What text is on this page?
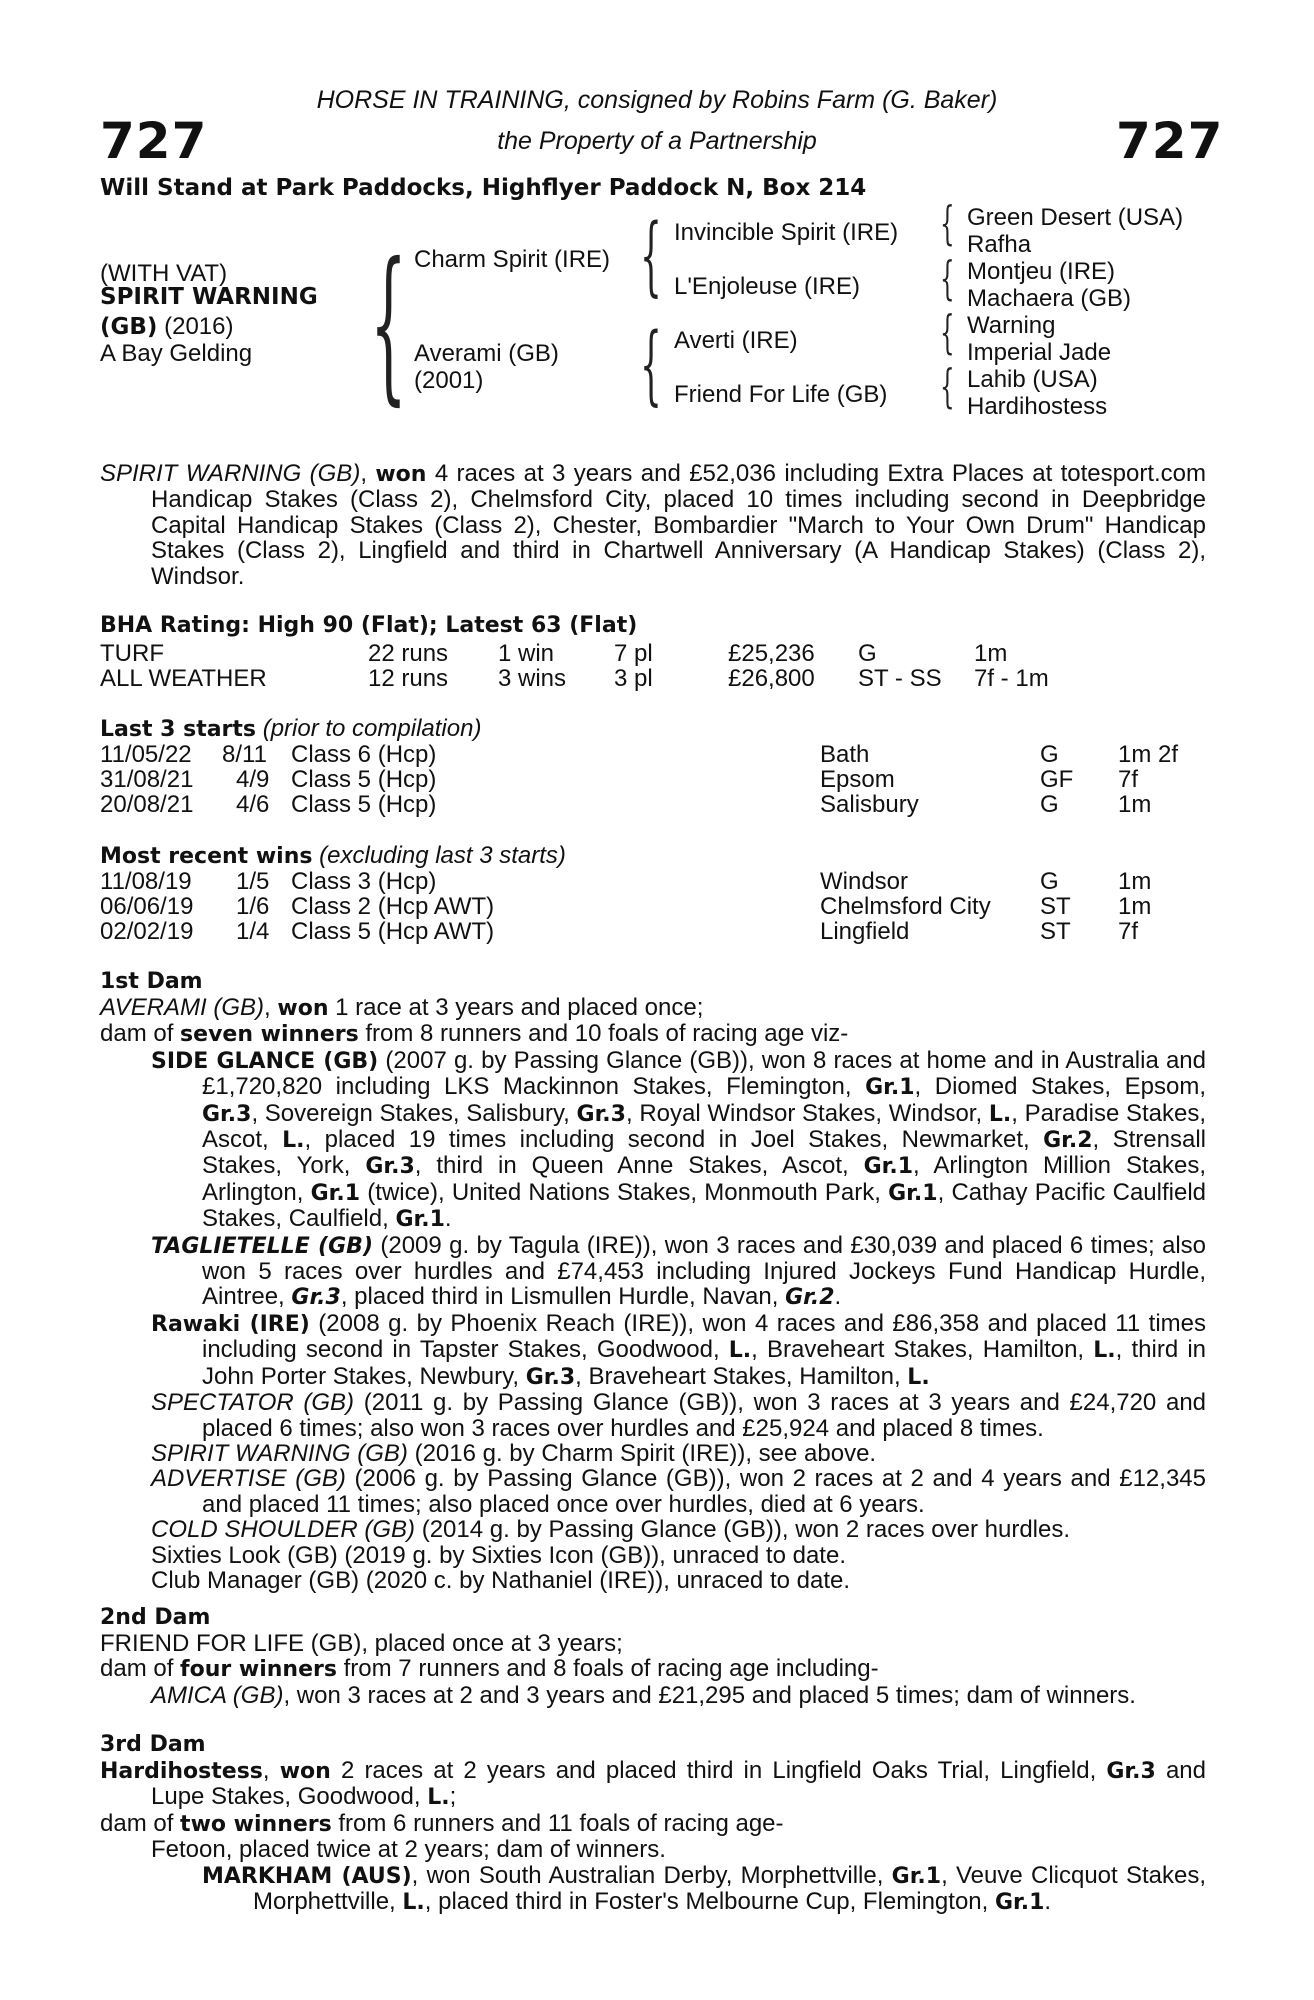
727	727
HORSE IN TRAINING, consigned by Robins Farm (G. Baker)
the Property of a Partnership
Will Stand at Park Paddocks, Highflyer Paddock N, Box 214
(WITH VAT)
SPIRIT WARNING
(GB) (2016)
A Bay Gelding { Charm Spirit (IRE)
Averami (GB)
(2001)
{
{
Invincible Spirit (IRE)
L'Enjoleuse (IRE)
Averti (IRE)
Friend For Life (GB)
{
{
{
{
Green Desert (USA)
Rafha
Montjeu (IRE)
Machaera (GB)
Warning
Imperial Jade
Lahib (USA)
Hardihostess

SPIRIT WARNING (GB), won 4 races at 3 years and £52,036 including Extra Places at totesport.com Handicap Stakes (Class 2), Chelmsford City, placed 10 times including second in Deepbridge Capital Handicap Stakes (Class 2), Chester, Bombardier "March to Your Own Drum" Handicap Stakes (Class 2), Lingfield and third in Chartwell Anniversary (A Handicap Stakes) (Class 2), Windsor.

BHA Rating: High 90 (Flat); Latest 63 (Flat)
TURF	22 runs 1 win 7 pl	£25,236 G	1m
ALL WEATHER	12 runs 3 wins 3 pl	£26,800 ST - SS 7f - 1m
Last 3 starts (prior to compilation)
11/05/22 8/11 Class 6 (Hcp)	Bath	G 1m 2f
31/08/21 4/9 Class 5 (Hcp)	Epsom	GF 7f
20/08/21 4/6 Class 5 (Hcp)	Salisbury	G 1m
Most recent wins (excluding last 3 starts)
11/08/19 1/5 Class 3 (Hcp)	Windsor	G 1m
06/06/19 1/6 Class 2 (Hcp AWT)	Chelmsford City ST 1m
02/02/19 1/4 Class 5 (Hcp AWT)	Lingfield	ST 7f
1st Dam

AVERAMI (GB), won 1 race at 3 years and placed once;

dam of seven winners from 8 runners and 10 foals of racing age viz-

SIDE GLANCE (GB) (2007 g. by Passing Glance (GB)), won 8 races at home and in Australia and £1,720,820 including LKS Mackinnon Stakes, Flemington, Gr.1, Diomed Stakes, Epsom, Gr.3, Sovereign Stakes, Salisbury, Gr.3, Royal Windsor Stakes, Windsor, L., Paradise Stakes, Ascot, L., placed 19 times including second in Joel Stakes, Newmarket, Gr.2, Strensall Stakes, York, Gr.3, third in Queen Anne Stakes, Ascot, Gr.1, Arlington Million Stakes, Arlington, Gr.1 (twice), United Nations Stakes, Monmouth Park, Gr.1, Cathay Pacific Caulfield Stakes, Caulfield, Gr.1.

TAGLIETELLE (GB) (2009 g. by Tagula (IRE)), won 3 races and £30,039 and placed 6 times; also won 5 races over hurdles and £74,453 including Injured Jockeys Fund Handicap Hurdle, Aintree, Gr.3, placed third in Lismullen Hurdle, Navan, Gr.2.

Rawaki (IRE) (2008 g. by Phoenix Reach (IRE)), won 4 races and £86,358 and placed 11 times including second in Tapster Stakes, Goodwood, L., Braveheart Stakes, Hamilton, L., third in John Porter Stakes, Newbury, Gr.3, Braveheart Stakes, Hamilton, L.

SPECTATOR (GB) (2011 g. by Passing Glance (GB)), won 3 races at 3 years and £24,720 and placed 6 times; also won 3 races over hurdles and £25,924 and placed 8 times.

SPIRIT WARNING (GB) (2016 g. by Charm Spirit (IRE)), see above.

ADVERTISE (GB) (2006 g. by Passing Glance (GB)), won 2 races at 2 and 4 years and £12,345 and placed 11 times; also placed once over hurdles, died at 6 years.

COLD SHOULDER (GB) (2014 g. by Passing Glance (GB)), won 2 races over hurdles.

Sixties Look (GB) (2019 g. by Sixties Icon (GB)), unraced to date.

Club Manager (GB) (2020 c. by Nathaniel (IRE)), unraced to date.

2nd Dam

FRIEND FOR LIFE (GB), placed once at 3 years;

dam of four winners from 7 runners and 8 foals of racing age including-

AMICA (GB), won 3 races at 2 and 3 years and £21,295 and placed 5 times; dam of winners.

3rd Dam

Hardihostess, won 2 races at 2 years and placed third in Lingfield Oaks Trial, Lingfield, Gr.3 and Lupe Stakes, Goodwood, L.;

dam of two winners from 6 runners and 11 foals of racing age-

Fetoon, placed twice at 2 years; dam of winners.

MARKHAM (AUS), won South Australian Derby, Morphettville, Gr.1, Veuve Clicquot Stakes, Morphettville, L., placed third in Foster's Melbourne Cup, Flemington, Gr.1.
